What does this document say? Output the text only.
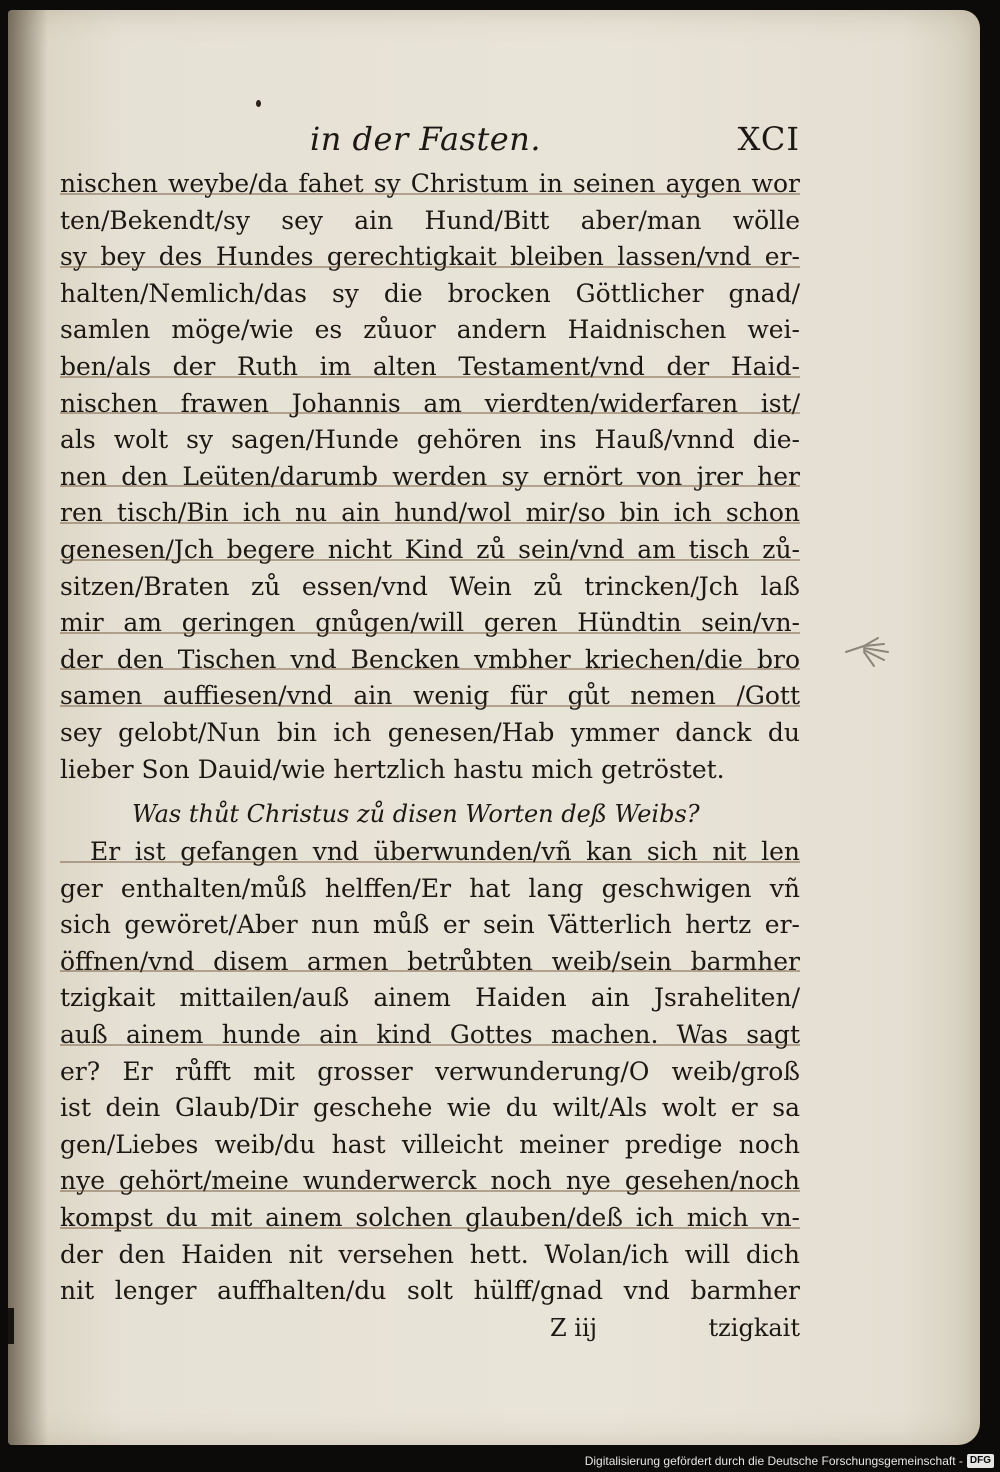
in der Fasten.	XCI
nischen weybe/da fahet sy Christum in seinen aygen wor
ten/Bekendt/sy sey ain Hund/Bitt aber/man wölle
sy bey des Hundes gerechtigkait bleiben lassen/vnd er-
halten/Nemlich/das sy die brocken Göttlicher gnad/
samlen möge/wie es zůuor andern Haidnischen wei-
ben/als der Ruth im alten Testament/vnd der Haid-
nischen frawen Johannis am vierdten/widerfaren ist/
als wolt sy sagen/Hunde gehören ins Hauß/vnnd die-
nen den Leüten/darumb werden sy ernört von jrer her
ren tisch/Bin ich nu ain hund/wol mir/so bin ich schon
genesen/Jch begere nicht Kind zů sein/vnd am tisch zů-
sitzen/Braten zů essen/vnd Wein zů trincken/Jch laß
mir am geringen gnůgen/will geren Hündtin sein/vn-
der den Tischen vnd Bencken vmbher kriechen/die bro
samen auffiesen/vnd ain wenig für gůt nemen /Gott
sey gelobt/Nun bin ich genesen/Hab ymmer danck du
lieber Son Dauid/wie hertzlich hastu mich getröstet.
Was thůt Christus zů disen Worten deß Weibs?
Er ist gefangen vnd überwunden/vñ kan sich nit len
ger enthalten/můß helffen/Er hat lang geschwigen vñ
sich gewöret/Aber nun můß er sein Vätterlich hertz er-
öffnen/vnd disem armen betrůbten weib/sein barmher
tzigkait mittailen/auß ainem Haiden ain Jsraheliten/
auß ainem hunde ain kind Gottes machen. Was sagt
er? Er růfft mit grosser verwunderung/O weib/groß
ist dein Glaub/Dir geschehe wie du wilt/Als wolt er sa
gen/Liebes weib/du hast villeicht meiner predige noch
nye gehört/meine wunderwerck noch nye gesehen/noch
kompst du mit ainem solchen glauben/deß ich mich vn-
der den Haiden nit versehen hett. Wolan/ich will dich
nit lenger auffhalten/du solt hülff/gnad vnd barmher
Z iij	tzigkait
Digitalisierung gefördert durch die Deutsche Forschungsgemeinschaft - DFG
